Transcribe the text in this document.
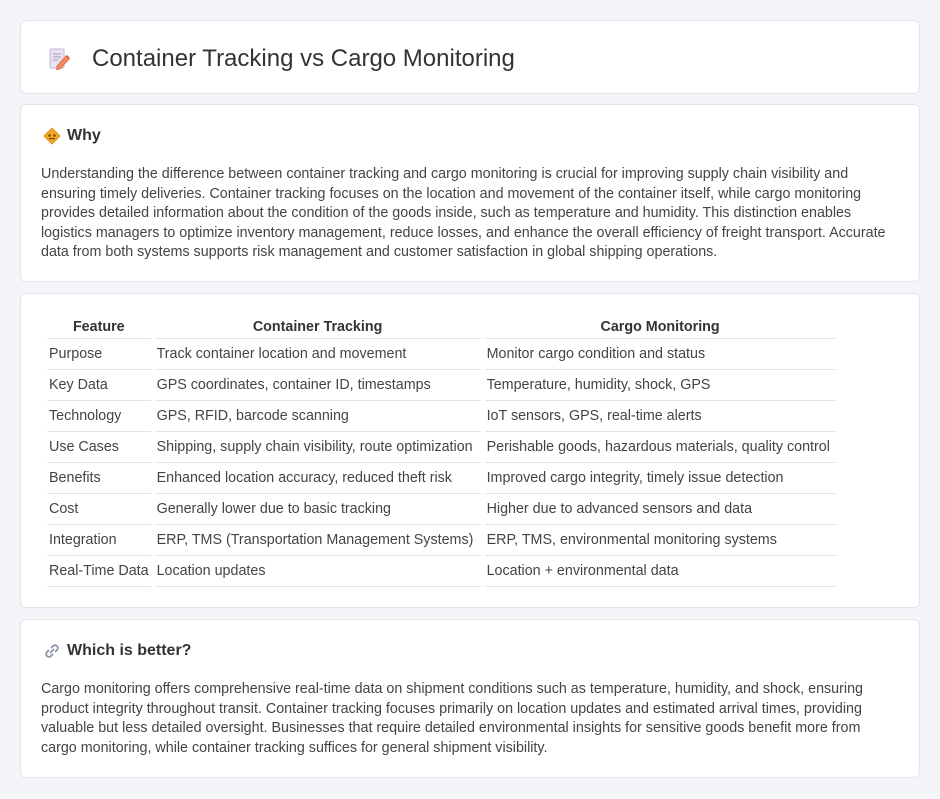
Container Tracking vs Cargo Monitoring
Why

Understanding the difference between container tracking and cargo monitoring is crucial for improving supply chain visibility and ensuring timely deliveries. Container tracking focuses on the location and movement of the container itself, while cargo monitoring provides detailed information about the condition of the goods inside, such as temperature and humidity. This distinction enables logistics managers to optimize inventory management, reduce losses, and enhance the overall efficiency of freight transport. Accurate data from both systems supports risk management and customer satisfaction in global shipping operations.

Feature	Container Tracking	Cargo Monitoring
Purpose	Track container location and movement	Monitor cargo condition and status
Key Data	GPS coordinates, container ID, timestamps	Temperature, humidity, shock, GPS
Technology	GPS, RFID, barcode scanning	IoT sensors, GPS, real-time alerts
Use Cases	Shipping, supply chain visibility, route optimization	Perishable goods, hazardous materials, quality control
Benefits	Enhanced location accuracy, reduced theft risk	Improved cargo integrity, timely issue detection
Cost	Generally lower due to basic tracking	Higher due to advanced sensors and data
Integration	ERP, TMS (Transportation Management Systems)	ERP, TMS, environmental monitoring systems
Real-Time Data	Location updates	Location + environmental data
Which is better?

Cargo monitoring offers comprehensive real-time data on shipment conditions such as temperature, humidity, and shock, ensuring product integrity throughout transit. Container tracking focuses primarily on location updates and estimated arrival times, providing valuable but less detailed oversight. Businesses that require detailed environmental insights for sensitive goods benefit more from cargo monitoring, while container tracking suffices for general shipment visibility.
